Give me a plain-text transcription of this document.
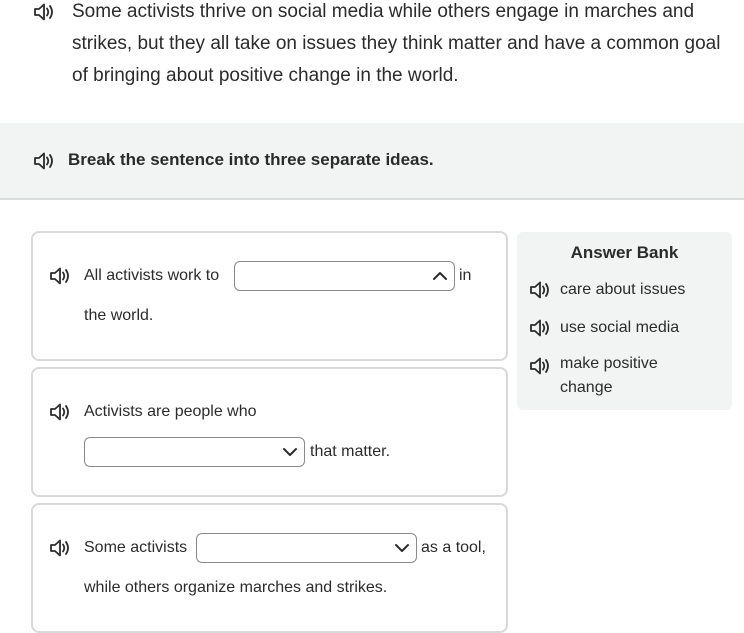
Some activists thrive on social media while others engage in marches and strikes, but they all take on issues they think matter and have a common goal of bringing about positive change in the world.
Break the sentence into three separate ideas.
All activists work to	in
the world.
Activists are people who
that matter.
Some activists	as a tool,
while others organize marches and strikes.
Answer Bank
care about issues
use social media
make positive change
